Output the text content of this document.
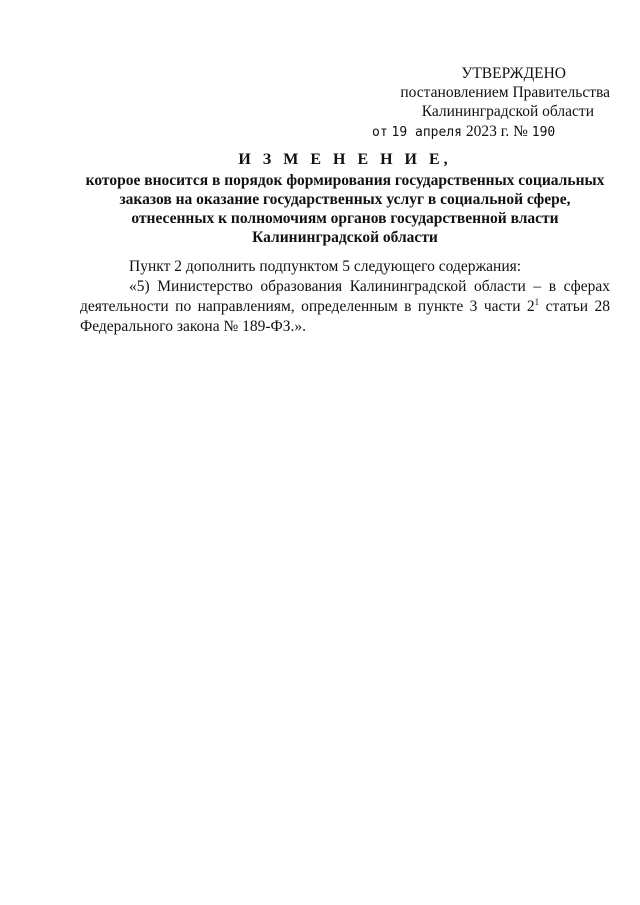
УТВЕРЖДЕНО
постановлением Правительства
Калининградской области
от 19 апреля 2023 г. № 190
И З М Е Н Е Н И Е,
которое вносится в порядок формирования государственных социальных
заказов на оказание государственных услуг в социальной сфере,
отнесенных к полномочиям органов государственной власти
Калининградской области

Пункт 2 дополнить подпунктом 5 следующего содержания:

«5) Министерство образования Калининградской области – в сферах деятельности по направлениям, определенным в пункте 3 части $2^1$ статьи 28 Федерального закона № 189-ФЗ.».
